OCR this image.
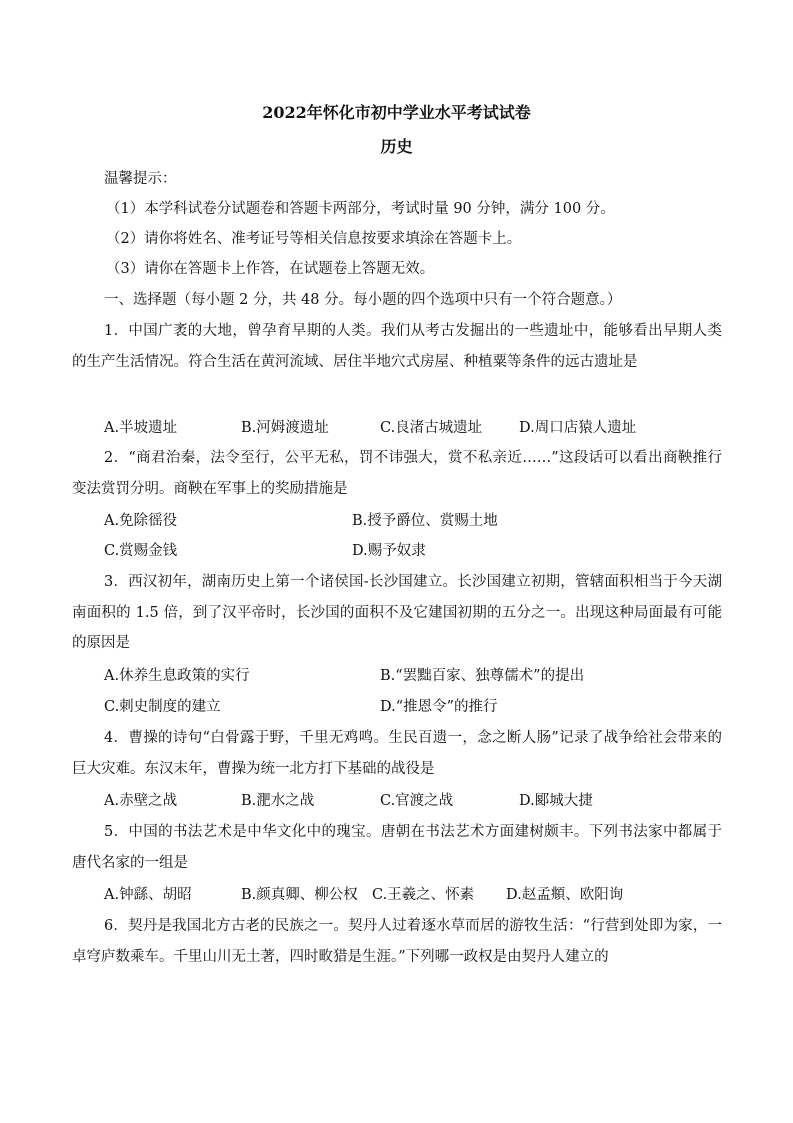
2022年怀化市初中学业水平考试试卷
历史
温馨提示：
（1）本学科试卷分试题卷和答题卡两部分，考试时量 90 分钟，满分 100 分。
（2）请你将姓名、准考证号等相关信息按要求填涂在答题卡上。
（3）请你在答题卡上作答，在试题卷上答题无效。
一、选择题（每小题 2 分，共 48 分。每小题的四个选项中只有一个符合题意。）
1．中国广袤的大地，曾孕育早期的人类。我们从考古发掘出的一些遗址中，能够看出早期人类的生产生活情况。符合生活在黄河流域、居住半地穴式房屋、种植粟等条件的远古遗址是
A.半坡遗址	B.河姆渡遗址	C.良渚古城遗址	D.周口店猿人遗址
2．“商君治秦，法令至行，公平无私，罚不讳强大，赏不私亲近……”这段话可以看出商鞅推行变法赏罚分明。商鞅在军事上的奖励措施是
A.免除徭役	B.授予爵位、赏赐土地
C.赏赐金钱	D.赐予奴隶
3．西汉初年，湖南历史上第一个诸侯国-长沙国建立。长沙国建立初期，管辖面积相当于今天湖南面积的 1.5 倍，到了汉平帝时，长沙国的面积不及它建国初期的五分之一。出现这种局面最有可能的原因是
A.休养生息政策的实行	B.“罢黜百家、独尊儒术”的提出
C.刺史制度的建立	D.“推恩令”的推行
4．曹操的诗句“白骨露于野，千里无鸡鸣。生民百遗一，念之断人肠”记录了战争给社会带来的巨大灾难。东汉末年，曹操为统一北方打下基础的战役是
A.赤壁之战	B.淝水之战	C.官渡之战	D.郾城大捷
5．中国的书法艺术是中华文化中的瑰宝。唐朝在书法艺术方面建树颇丰。下列书法家中都属于唐代名家的一组是
A.钟繇、胡昭	B.颜真卿、柳公权 C.王羲之、怀素 D.赵孟頫、欧阳询
6．契丹是我国北方古老的民族之一。契丹人过着逐水草而居的游牧生活：“行营到处即为家，一卓穹庐数乘车。千里山川无土著，四时畋猎是生涯。”下列哪一政权是由契丹人建立的
